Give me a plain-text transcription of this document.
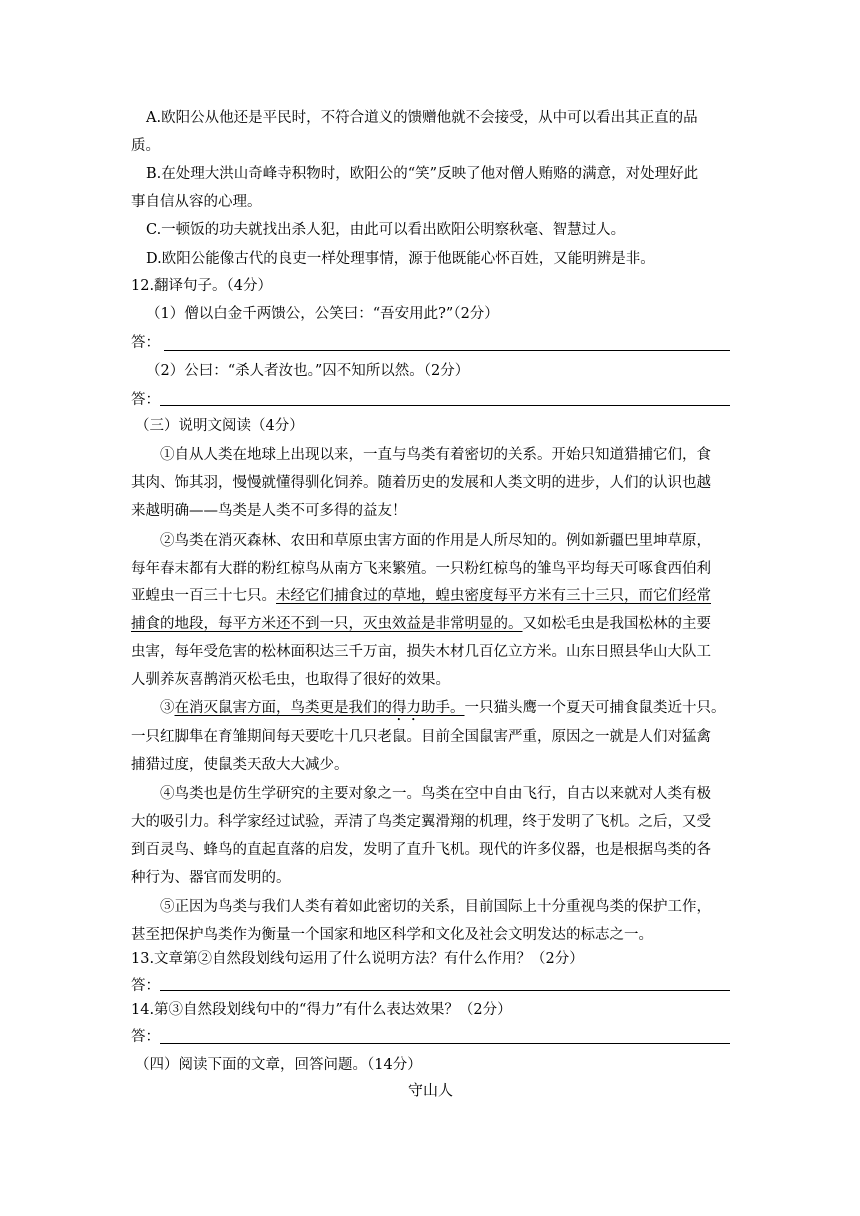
A.欧阳公从他还是平民时，不符合道义的馈赠他就不会接受，从中可以看出其正直的品
质。
B.在处理大洪山奇峰寺积物时，欧阳公的“笑”反映了他对僧人贿赂的满意，对处理好此
事自信从容的心理。
C.一顿饭的功夫就找出杀人犯，由此可以看出欧阳公明察秋毫、智慧过人。
D.欧阳公能像古代的良吏一样处理事情，源于他既能心怀百姓，又能明辨是非。
12.翻译句子。（4分）
（1）僧以白金千两馈公，公笑曰：“吾安用此?”（2分）
答：
（2）公曰：“杀人者汝也。”囚不知所以然。（2分）
答：
（三）说明文阅读（4分）
①自从人类在地球上出现以来，一直与鸟类有着密切的关系。开始只知道猎捕它们，食
其肉、饰其羽，慢慢就懂得驯化饲养。随着历史的发展和人类文明的进步，人们的认识也越
来越明确——鸟类是人类不可多得的益友！
②鸟类在消灭森林、农田和草原虫害方面的作用是人所尽知的。例如新疆巴里坤草原，
每年春末都有大群的粉红椋鸟从南方飞来繁殖。一只粉红椋鸟的雏鸟平均每天可啄食西伯利
亚蝗虫一百三十七只。未经它们捕食过的草地，蝗虫密度每平方米有三十三只，而它们经常
捕食的地段，每平方米还不到一只，灭虫效益是非常明显的。又如松毛虫是我国松林的主要
虫害，每年受危害的松林面积达三千万亩，损失木材几百亿立方米。山东日照县华山大队工
人驯养灰喜鹊消灭松毛虫，也取得了很好的效果。
③在消灭鼠害方面，鸟类更是我们的得力助手。一只猫头鹰一个夏天可捕食鼠类近十只。
一只红脚隼在育雏期间每天要吃十几只老鼠。目前全国鼠害严重，原因之一就是人们对猛禽
捕猎过度，使鼠类天敌大大减少。
④鸟类也是仿生学研究的主要对象之一。鸟类在空中自由飞行，自古以来就对人类有极
大的吸引力。科学家经过试验，弄清了鸟类定翼滑翔的机理，终于发明了飞机。之后，又受
到百灵鸟、蜂鸟的直起直落的启发，发明了直升飞机。现代的许多仪器，也是根据鸟类的各
种行为、器官而发明的。
⑤正因为鸟类与我们人类有着如此密切的关系，目前国际上十分重视鸟类的保护工作，
甚至把保护鸟类作为衡量一个国家和地区科学和文化及社会文明发达的标志之一。
13.文章第②自然段划线句运用了什么说明方法？有什么作用？（2分）
答：
14.第③自然段划线句中的“得力”有什么表达效果？（2分）
答：
（四）阅读下面的文章，回答问题。（14分）
守山人
